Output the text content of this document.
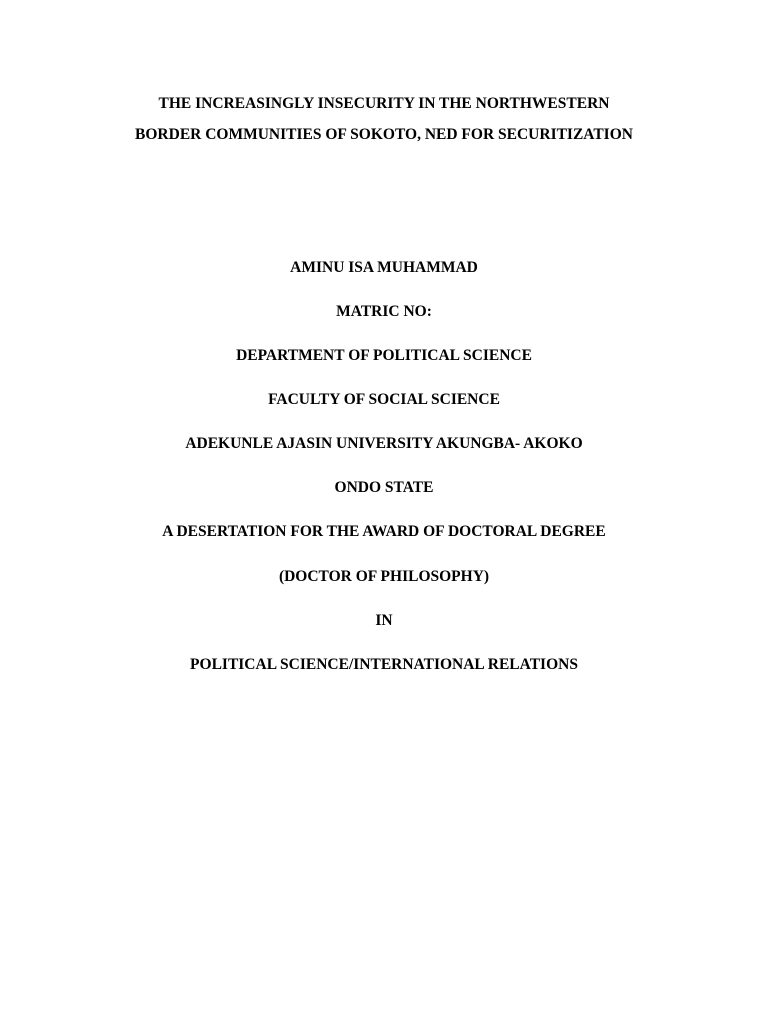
THE INCREASINGLY INSECURITY IN THE NORTHWESTERN
BORDER COMMUNITIES OF SOKOTO, NED FOR SECURITIZATION
AMINU ISA MUHAMMAD
MATRIC NO:
DEPARTMENT OF POLITICAL SCIENCE
FACULTY OF SOCIAL SCIENCE
ADEKUNLE AJASIN UNIVERSITY AKUNGBA- AKOKO
ONDO STATE
A DESERTATION FOR THE AWARD OF DOCTORAL DEGREE
(DOCTOR OF PHILOSOPHY)
IN
POLITICAL SCIENCE/INTERNATIONAL RELATIONS
